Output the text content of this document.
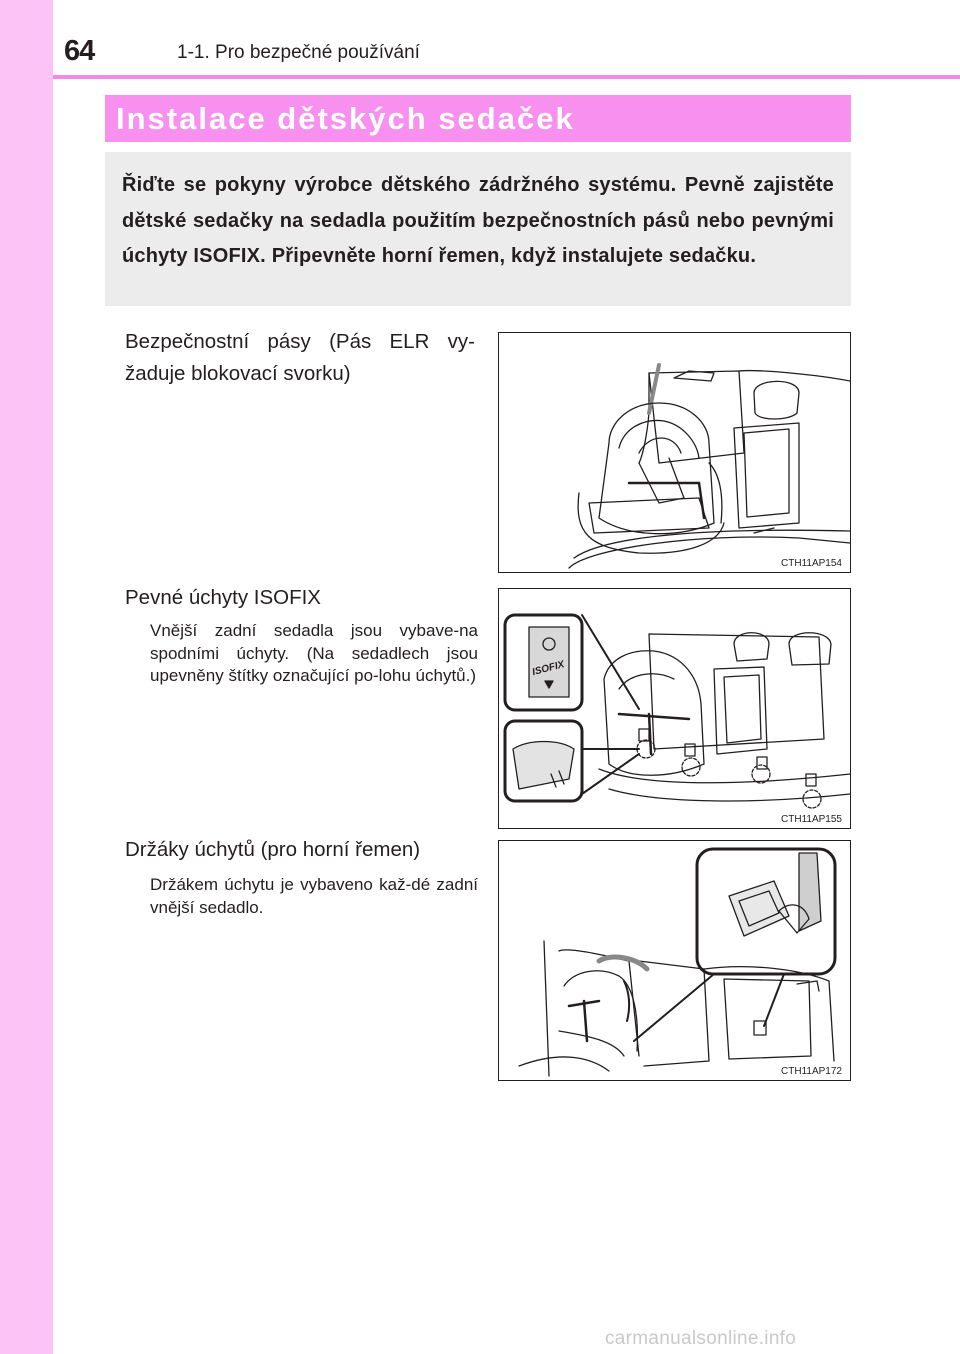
64	1-1. Pro bezpečné používání
Instalace dětských sedaček

Řiďte se pokyny výrobce dětského zádržného systému. Pevně zajistěte dětské sedačky na sedadla použitím bezpečnostních pásů nebo pevnými úchyty ISOFIX. Připevněte horní řemen, když instalujete sedačku.

Bezpečnostní pásy (Pás ELR vy-žaduje blokovací svorku)

CTH11AP154

Pevné úchyty ISOFIX

Vnější zadní sedadla jsou vybave-na spodními úchyty. (Na sedadlech jsou upevněny štítky označující po-lohu úchytů.)	ISOFIX
CTH11AP155

Držáky úchytů (pro horní řemen)

Držákem úchytu je vybaveno kaž-dé zadní vnější sedadlo.

CTH11AP172
carmanualsonline.info
